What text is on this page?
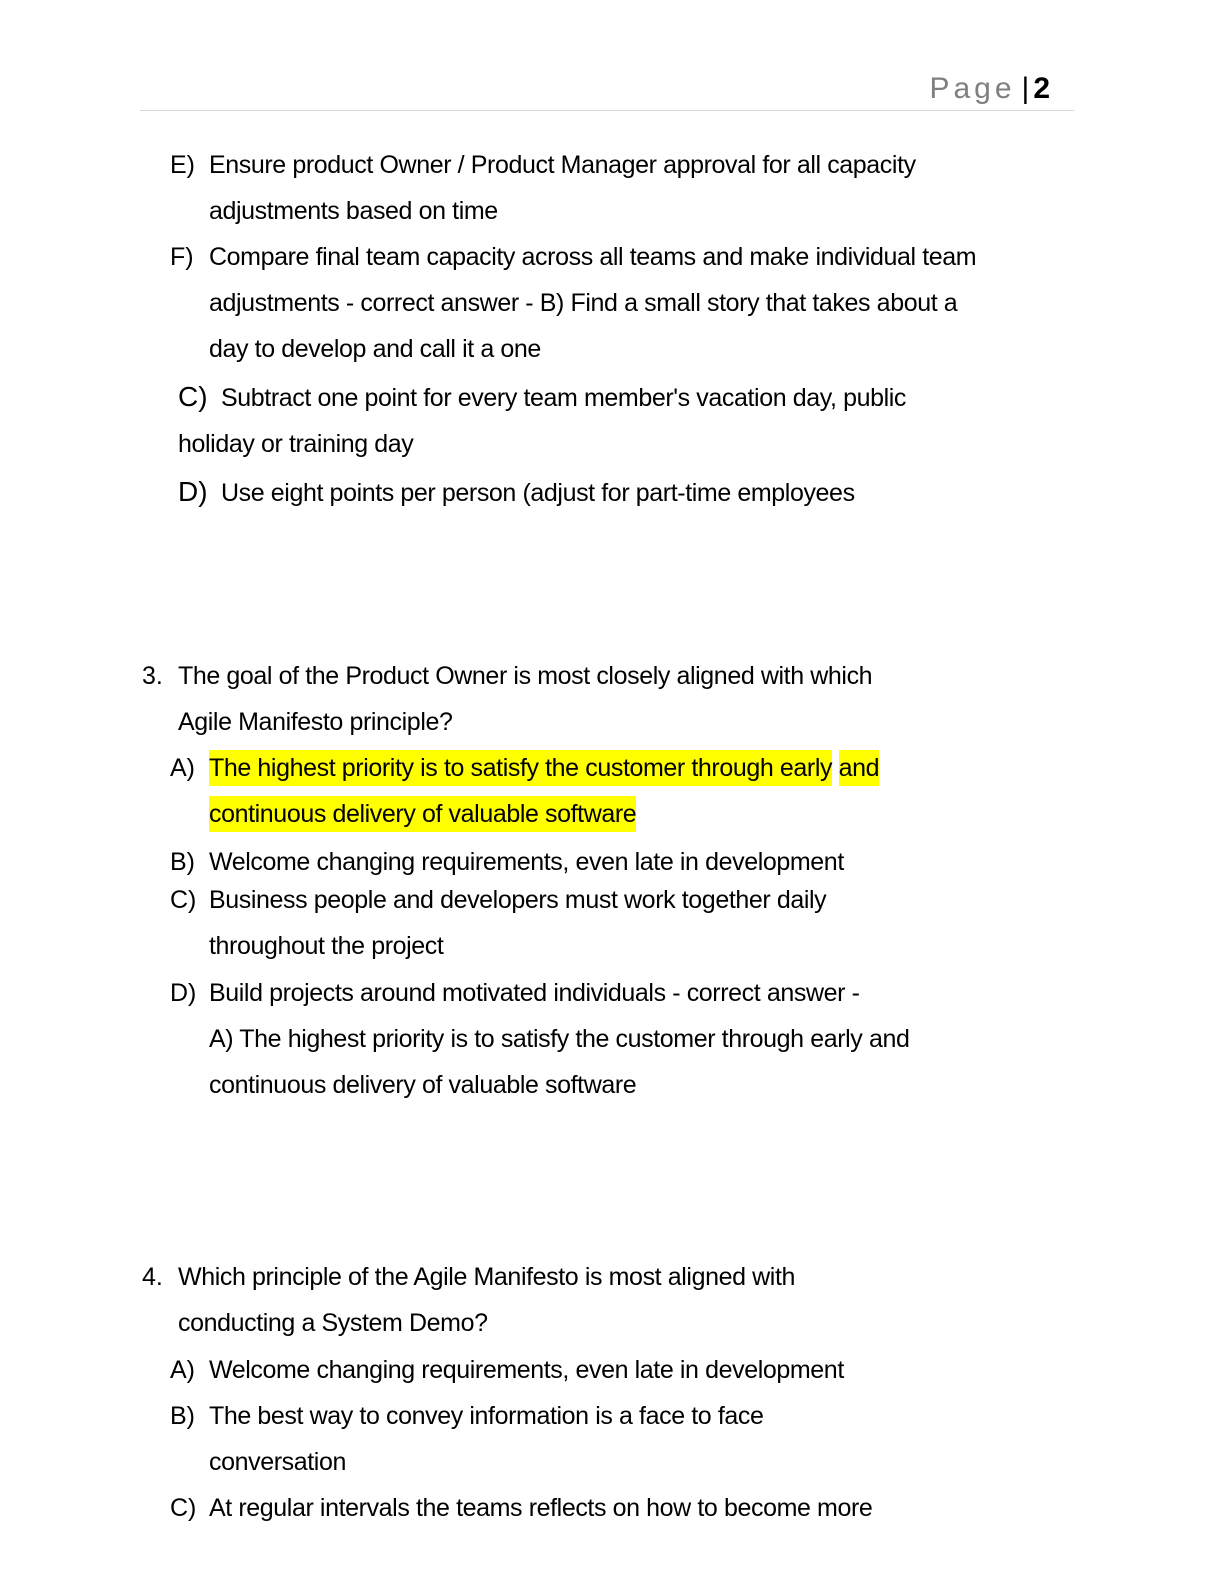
Page | 2
E) Ensure product Owner / Product Manager approval for all capacity
adjustments based on time
F) Compare final team capacity across all teams and make individual team
adjustments - correct answer - B) Find a small story that takes about a
day to develop and call it a one
C) Subtract one point for every team member's vacation day, public
holiday or training day
D) Use eight points per person (adjust for part-time employees
3. The goal of the Product Owner is most closely aligned with which
Agile Manifesto principle?
A) The highest priority is to satisfy the customer through early and
continuous delivery of valuable software
B) Welcome changing requirements, even late in development
C) Business people and developers must work together daily
throughout the project
D) Build projects around motivated individuals - correct answer -
A) The highest priority is to satisfy the customer through early and
continuous delivery of valuable software
4. Which principle of the Agile Manifesto is most aligned with
conducting a System Demo?
A) Welcome changing requirements, even late in development
B) The best way to convey information is a face to face
conversation
C) At regular intervals the teams reflects on how to become more
